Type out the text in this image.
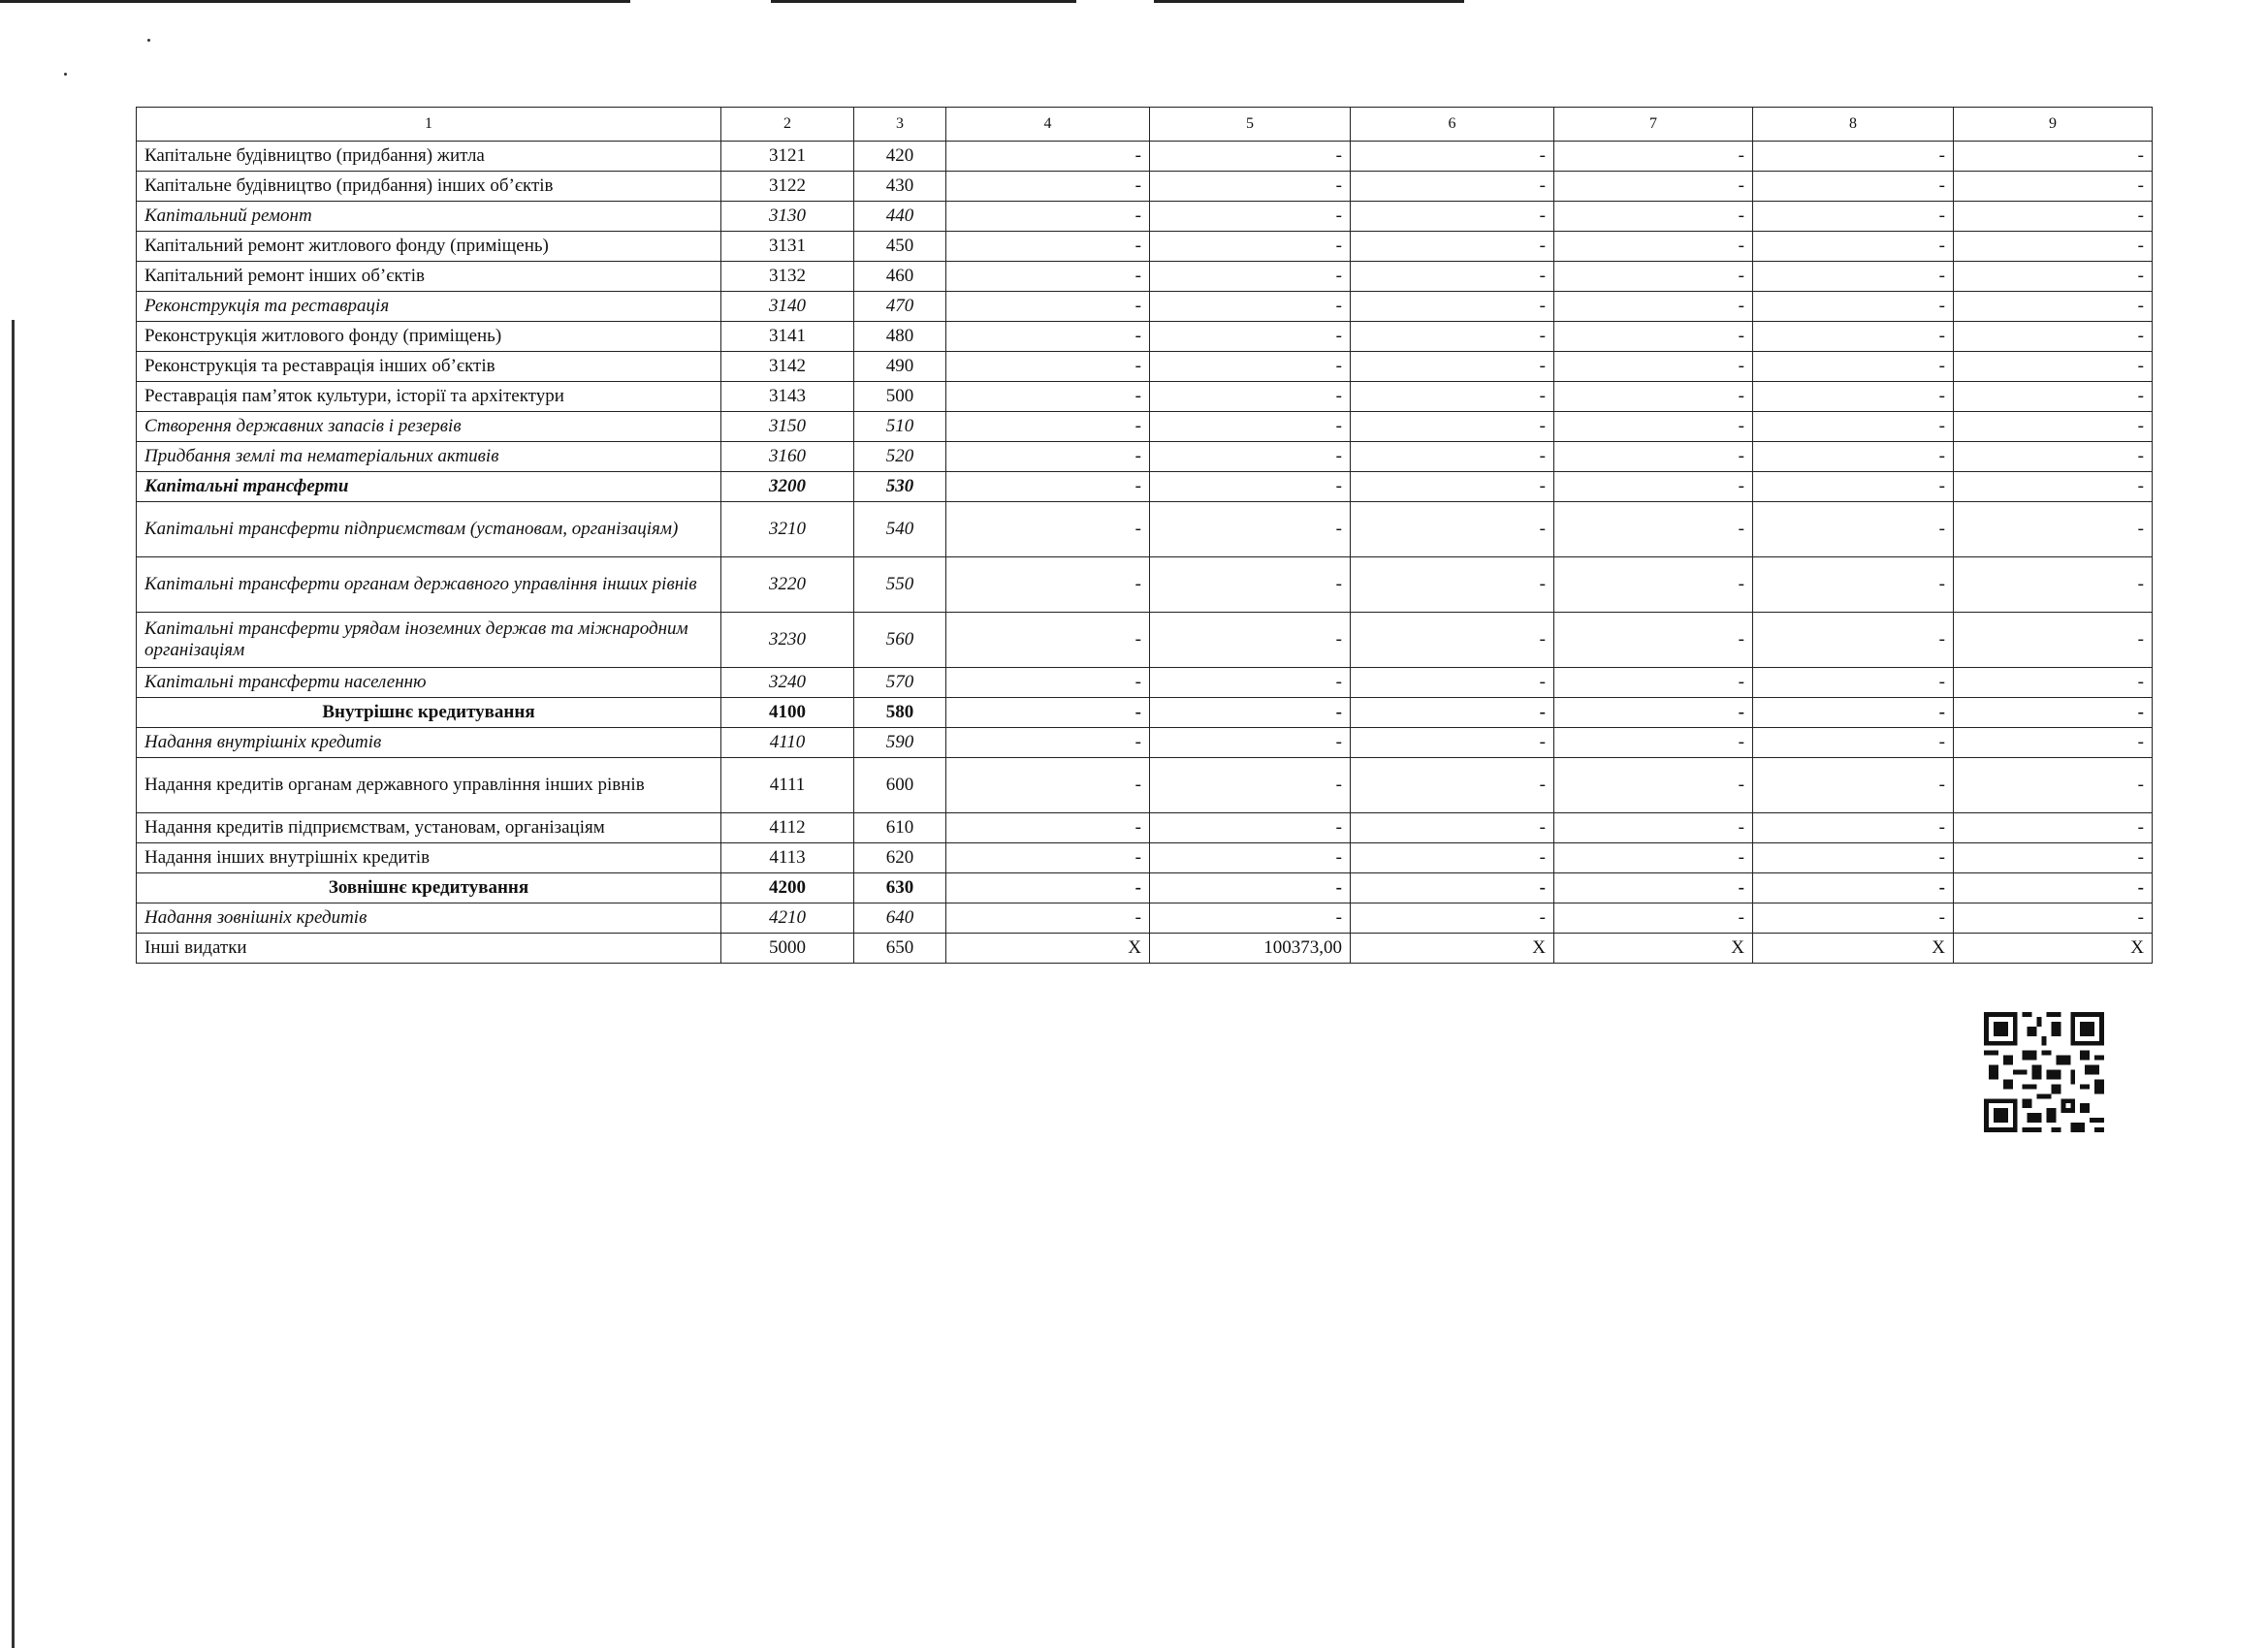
1	2	3	4	5	6	7	8	9
Капітальне будівництво (придбання) житла	3121	420	-	-	-	-	-	-
Капітальне будівництво (придбання) інших об’єктів	3122	430	-	-	-	-	-	-
Капітальний ремонт	3130	440	-	-	-	-	-	-
Капітальний ремонт житлового фонду (приміщень)	3131	450	-	-	-	-	-	-
Капітальний ремонт інших об’єктів	3132	460	-	-	-	-	-	-
Реконструкція та реставрація	3140	470	-	-	-	-	-	-
Реконструкція житлового фонду (приміщень)	3141	480	-	-	-	-	-	-
Реконструкція та реставрація інших об’єктів	3142	490	-	-	-	-	-	-
Реставрація пам’яток культури, історії та архітектури	3143	500	-	-	-	-	-	-
Створення державних запасів і резервів	3150	510	-	-	-	-	-	-
Придбання землі та нематеріальних активів	3160	520	-	-	-	-	-	-
Капітальні трансферти	3200	530	-	-	-	-	-	-
Капітальні трансферти підприємствам (установам, організаціям)	3210	540	-	-	-	-	-	-
Капітальні трансферти органам державного управління інших рівнів	3220	550	-	-	-	-	-	-
Капітальні трансферти урядам іноземних держав та міжнародним організаціям	3230	560	-	-	-	-	-	-
Капітальні трансферти населенню	3240	570	-	-	-	-	-	-
Внутрішнє кредитування	4100	580	-	-	-	-	-	-
Надання внутрішніх кредитів	4110	590	-	-	-	-	-	-
Надання кредитів органам державного управління інших рівнів	4111	600	-	-	-	-	-	-
Надання кредитів підприємствам, установам, організаціям	4112	610	-	-	-	-	-	-
Надання інших внутрішніх кредитів	4113	620	-	-	-	-	-	-
Зовнішнє кредитування	4200	630	-	-	-	-	-	-
Надання зовнішніх кредитів	4210	640	-	-	-	-	-	-
Інші видатки	5000	650	X	100373,00	X	X	X	X
